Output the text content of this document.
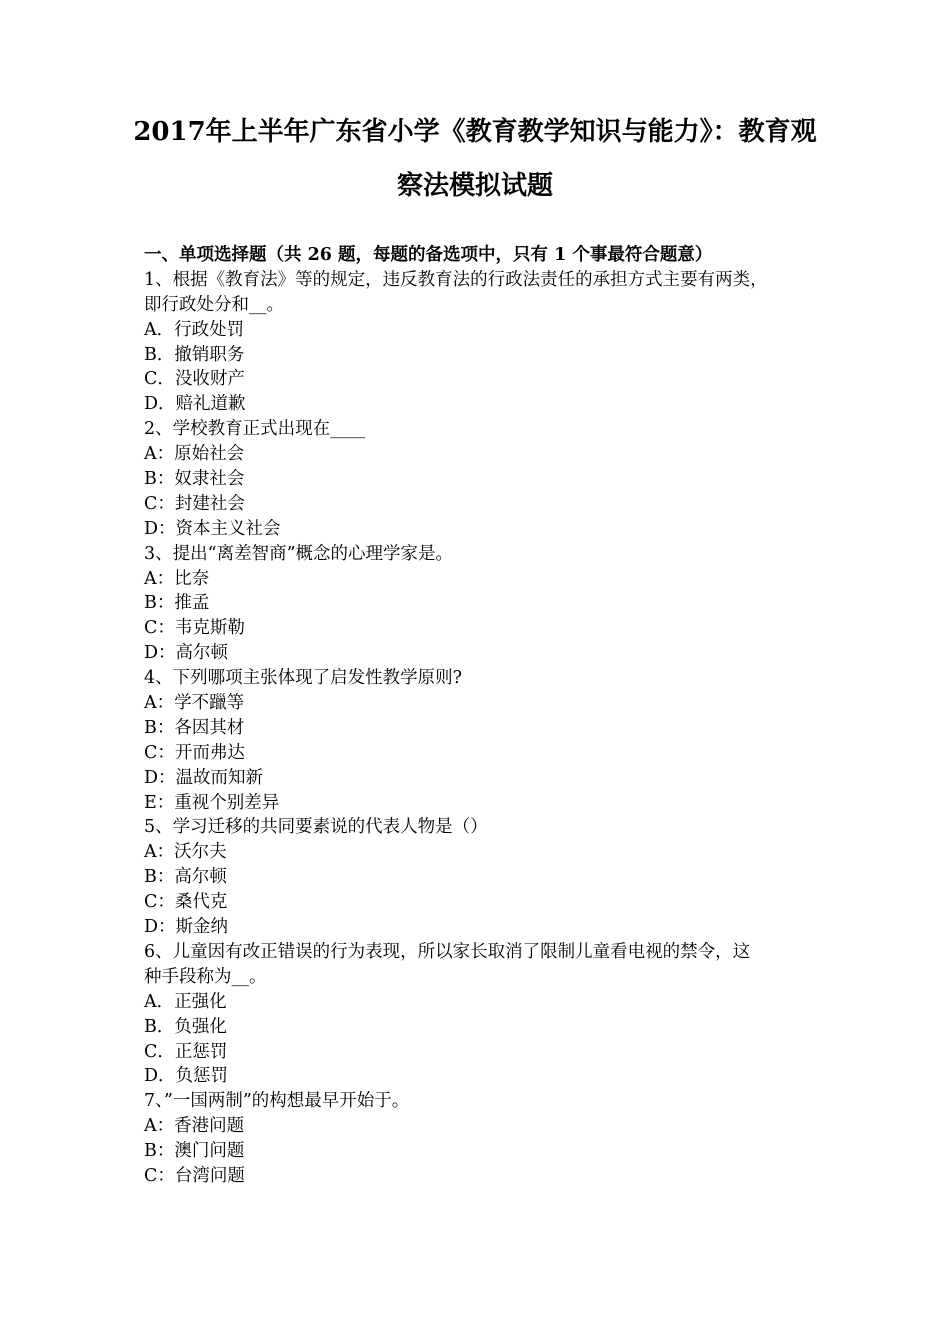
2017年上半年广东省小学《教育教学知识与能力》：教育观
察法模拟试题
一、单项选择题（共 26 题，每题的备选项中，只有 1 个事最符合题意）
1、根据《教育法》等的规定，违反教育法的行政法责任的承担方式主要有两类，
即行政处分和__。
A．行政处罚
B．撤销职务
C．没收财产
D．赔礼道歉
2、学校教育正式出现在____
A：原始社会
B：奴隶社会
C：封建社会
D：资本主义社会
3、提出“离差智商”概念的心理学家是。
A：比奈
B：推孟
C：韦克斯勒
D：高尔顿
4、下列哪项主张体现了启发性教学原则?
A：学不躐等
B：各因其材
C：开而弗达
D：温故而知新
E：重视个别差异
5、学习迁移的共同要素说的代表人物是（）
A：沃尔夫
B：高尔顿
C：桑代克
D：斯金纳
6、儿童因有改正错误的行为表现，所以家长取消了限制儿童看电视的禁令，这
种手段称为__。
A．正强化
B．负强化
C．正惩罚
D．负惩罚
7、”一国两制”的构想最早开始于。
A：香港问题
B：澳门问题
C：台湾问题
